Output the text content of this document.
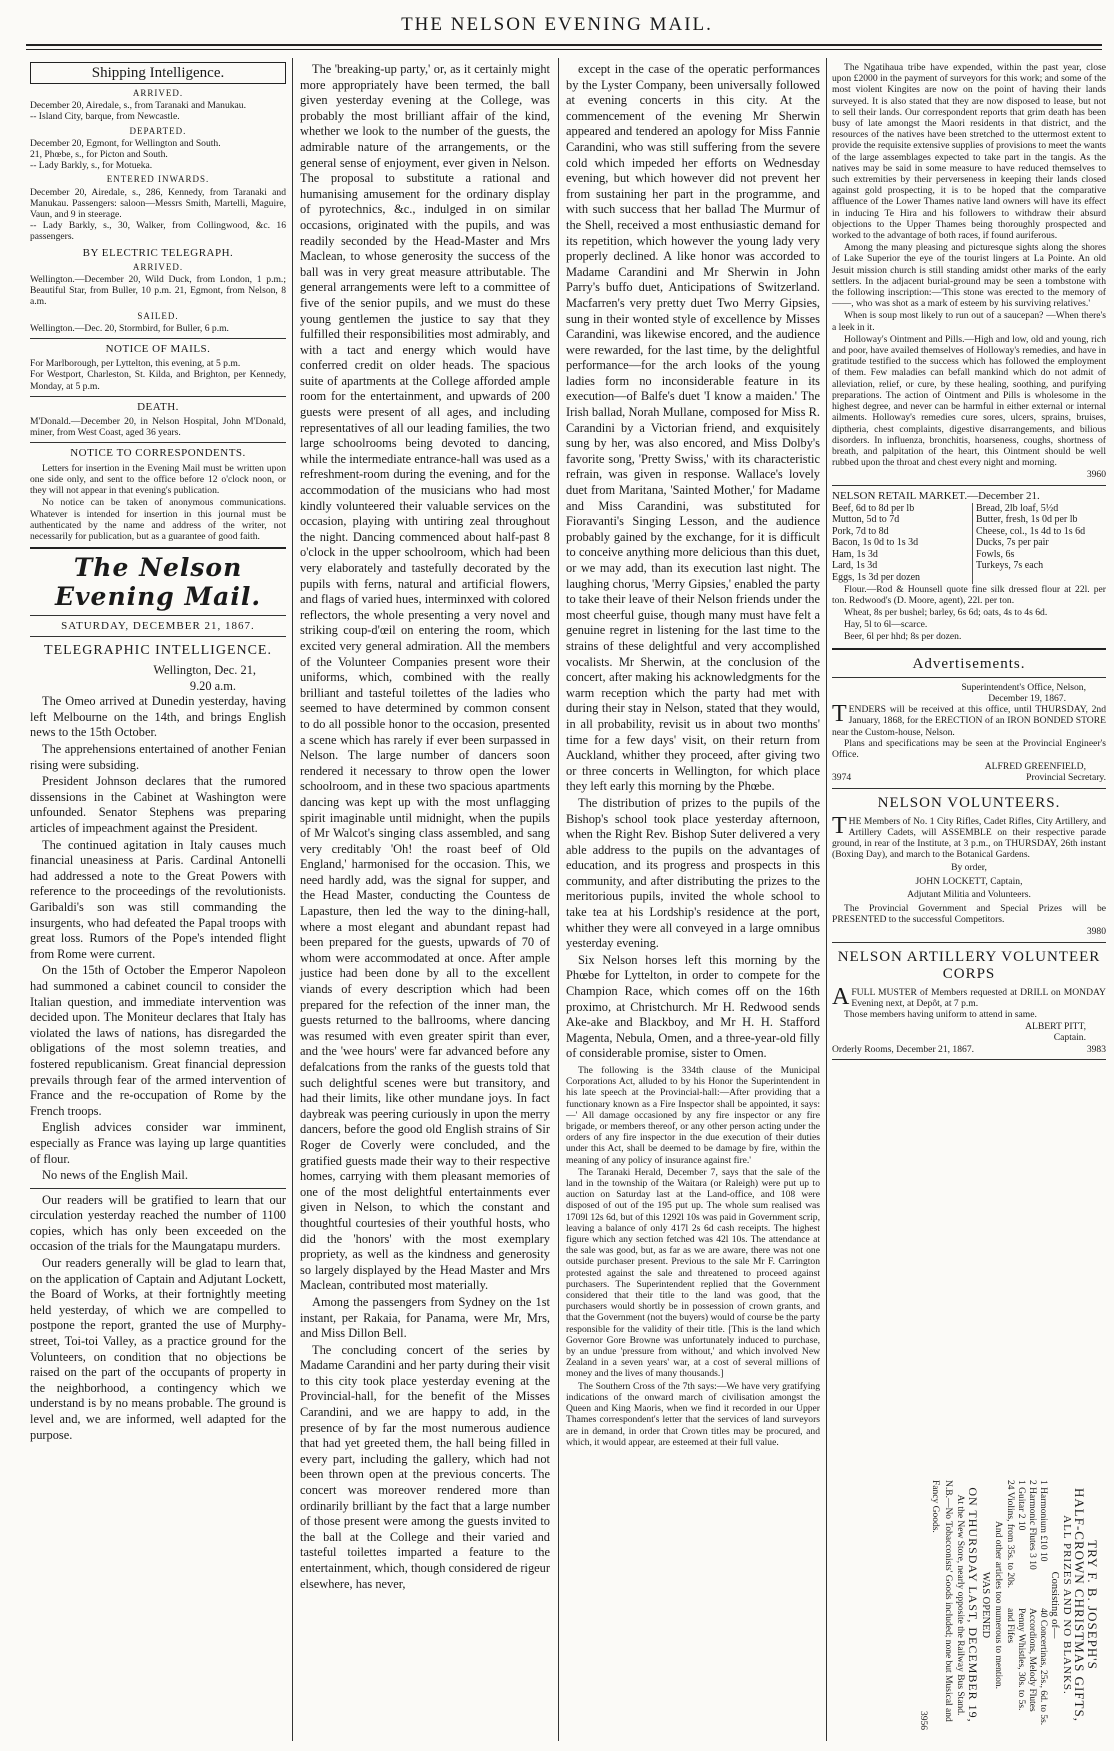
THE NELSON EVENING MAIL.
Shipping Intelligence.
ARRIVED.
December 20, Airedale, s., from Taranaki and Manukau.
-- Island City, barque, from Newcastle.
DEPARTED.
December 20, Egmont, for Wellington and South.
21, Phœbe, s., for Picton and South.
-- Lady Barkly, s., for Motueka.
ENTERED INWARDS.
December 20, Airedale, s., 286, Kennedy, from Taranaki and Manukau. Passengers: saloon—Messrs Smith, Martelli, Maguire, Vaun, and 9 in steerage.
-- Lady Barkly, s., 30, Walker, from Collingwood, &c. 16 passengers.
BY ELECTRIC TELEGRAPH.
ARRIVED.
Wellington.—December 20, Wild Duck, from London, 1 p.m.; Beautiful Star, from Buller, 10 p.m. 21, Egmont, from Nelson, 8 a.m.
SAILED.
Wellington.—Dec. 20, Stormbird, for Buller, 6 p.m.
NOTICE OF MAILS.
For Marlborough, per Lyttelton, this evening, at 5 p.m.
For Westport, Charleston, St. Kilda, and Brighton, per Kennedy, Monday, at 5 p.m.
DEATH.
M'Donald.—December 20, in Nelson Hospital, John M'Donald, miner, from West Coast, aged 36 years.
NOTICE TO CORRESPONDENTS.
Letters for insertion in the Evening Mail must be written upon one side only, and sent to the office before 12 o'clock noon, or they will not appear in that evening's publication.
No notice can be taken of anonymous communications. Whatever is intended for insertion in this journal must be authenticated by the name and address of the writer, not necessarily for publication, but as a guarantee of good faith.
The Nelson Evening Mail.
SATURDAY, DECEMBER 21, 1867.
TELEGRAPHIC INTELLIGENCE.
Wellington, Dec. 21,
9.20 a.m.
The Omeo arrived at Dunedin yesterday, having left Melbourne on the 14th, and brings English news to the 15th October.
The apprehensions entertained of another Fenian rising were subsiding.
President Johnson declares that the rumored dissensions in the Cabinet at Washington were unfounded. Senator Stephens was preparing articles of impeachment against the President.
The continued agitation in Italy causes much financial uneasiness at Paris. Cardinal Antonelli had addressed a note to the Great Powers with reference to the proceedings of the revolutionists. Garibaldi's son was still commanding the insurgents, who had defeated the Papal troops with great loss. Rumors of the Pope's intended flight from Rome were current.
On the 15th of October the Emperor Napoleon had summoned a cabinet council to consider the Italian question, and immediate intervention was decided upon. The Moniteur declares that Italy has violated the laws of nations, has disregarded the obligations of the most solemn treaties, and fostered republicanism. Great financial depression prevails through fear of the armed intervention of France and the re-occupation of Rome by the French troops.
English advices consider war imminent, especially as France was laying up large quantities of flour.
No news of the English Mail.
Our readers will be gratified to learn that our circulation yesterday reached the number of 1100 copies, which has only been exceeded on the occasion of the trials for the Maungatapu murders.
Our readers generally will be glad to learn that, on the application of Captain and Adjutant Lockett, the Board of Works, at their fortnightly meeting held yesterday, of which we are compelled to postpone the report, granted the use of Murphy-street, Toi-toi Valley, as a practice ground for the Volunteers, on condition that no objections be raised on the part of the occupants of property in the neighborhood, a contingency which we understand is by no means probable. The ground is level and, we are informed, well adapted for the purpose.
The 'breaking-up party,' or, as it certainly might more appropriately have been termed, the ball given yesterday evening at the College, was probably the most brilliant affair of the kind, whether we look to the number of the guests, the admirable nature of the arrangements, or the general sense of enjoyment, ever given in Nelson. The proposal to substitute a rational and humanising amusement for the ordinary display of pyrotechnics, &c., indulged in on similar occasions, originated with the pupils, and was readily seconded by the Head-Master and Mrs Maclean, to whose generosity the success of the ball was in very great measure attributable. The general arrangements were left to a committee of five of the senior pupils, and we must do these young gentlemen the justice to say that they fulfilled their responsibilities most admirably, and with a tact and energy which would have conferred credit on older heads. The spacious suite of apartments at the College afforded ample room for the entertainment, and upwards of 200 guests were present of all ages, and including representatives of all our leading families, the two large schoolrooms being devoted to dancing, while the intermediate entrance-hall was used as a refreshment-room during the evening, and for the accommodation of the musicians who had most kindly volunteered their valuable services on the occasion, playing with untiring zeal throughout the night. Dancing commenced about half-past 8 o'clock in the upper schoolroom, which had been very elaborately and tastefully decorated by the pupils with ferns, natural and artificial flowers, and flags of varied hues, interminxed with colored reflectors, the whole presenting a very novel and striking coup-d'œil on entering the room, which excited very general admiration. All the members of the Volunteer Companies present wore their uniforms, which, combined with the really brilliant and tasteful toilettes of the ladies who seemed to have determined by common consent to do all possible honor to the occasion, presented a scene which has rarely if ever been surpassed in Nelson. The large number of dancers soon rendered it necessary to throw open the lower schoolroom, and in these two spacious apartments dancing was kept up with the most unflagging spirit imaginable until midnight, when the pupils of Mr Walcot's singing class assembled, and sang very creditably 'Oh! the roast beef of Old England,' harmonised for the occasion. This, we need hardly add, was the signal for supper, and the Head Master, conducting the Countess de Lapasture, then led the way to the dining-hall, where a most elegant and abundant repast had been prepared for the guests, upwards of 70 of whom were accommodated at once. After ample justice had been done by all to the excellent viands of every description which had been prepared for the refection of the inner man, the guests returned to the ballrooms, where dancing was resumed with even greater spirit than ever, and the 'wee hours' were far advanced before any defalcations from the ranks of the guests told that such delightful scenes were but transitory, and had their limits, like other mundane joys. In fact daybreak was peering curiously in upon the merry dancers, before the good old English strains of Sir Roger de Coverly were concluded, and the gratified guests made their way to their respective homes, carrying with them pleasant memories of one of the most delightful entertainments ever given in Nelson, to which the constant and thoughtful courtesies of their youthful hosts, who did the 'honors' with the most exemplary propriety, as well as the kindness and generosity so largely displayed by the Head Master and Mrs Maclean, contributed most materially.
Among the passengers from Sydney on the 1st instant, per Rakaia, for Panama, were Mr, Mrs, and Miss Dillon Bell.
The concluding concert of the series by Madame Carandini and her party during their visit to this city took place yesterday evening at the Provincial-hall, for the benefit of the Misses Carandini, and we are happy to add, in the presence of by far the most numerous audience that had yet greeted them, the hall being filled in every part, including the gallery, which had not been thrown open at the previous concerts. The concert was moreover rendered more than ordinarily brilliant by the fact that a large number of those present were among the guests invited to the ball at the College and their varied and tasteful toilettes imparted a feature to the entertainment, which, though considered de rigeur elsewhere, has never,
except in the case of the operatic performances by the Lyster Company, been universally followed at evening concerts in this city. At the commencement of the evening Mr Sherwin appeared and tendered an apology for Miss Fannie Carandini, who was still suffering from the severe cold which impeded her efforts on Wednesday evening, but which however did not prevent her from sustaining her part in the programme, and with such success that her ballad The Murmur of the Shell, received a most enthusiastic demand for its repetition, which however the young lady very properly declined. A like honor was accorded to Madame Carandini and Mr Sherwin in John Parry's buffo duet, Anticipations of Switzerland. Macfarren's very pretty duet Two Merry Gipsies, sung in their wonted style of excellence by Misses Carandini, was likewise encored, and the audience were rewarded, for the last time, by the delightful performance—for the arch looks of the young ladies form no inconsiderable feature in its execution—of Balfe's duet 'I know a maiden.' The Irish ballad, Norah Mullane, composed for Miss R. Carandini by a Victorian friend, and exquisitely sung by her, was also encored, and Miss Dolby's favorite song, 'Pretty Swiss,' with its characteristic refrain, was given in response. Wallace's lovely duet from Maritana, 'Sainted Mother,' for Madame and Miss Carandini, was substituted for Fioravanti's Singing Lesson, and the audience probably gained by the exchange, for it is difficult to conceive anything more delicious than this duet, or we may add, than its execution last night. The laughing chorus, 'Merry Gipsies,' enabled the party to take their leave of their Nelson friends under the most cheerful guise, though many must have felt a genuine regret in listening for the last time to the strains of these delightful and very accomplished vocalists. Mr Sherwin, at the conclusion of the concert, after making his acknowledgments for the warm reception which the party had met with during their stay in Nelson, stated that they would, in all probability, revisit us in about two months' time for a few days' visit, on their return from Auckland, whither they proceed, after giving two or three concerts in Wellington, for which place they left early this morning by the Phœbe.
The distribution of prizes to the pupils of the Bishop's school took place yesterday afternoon, when the Right Rev. Bishop Suter delivered a very able address to the pupils on the advantages of education, and its progress and prospects in this community, and after distributing the prizes to the meritorious pupils, invited the whole school to take tea at his Lordship's residence at the port, whither they were all conveyed in a large omnibus yesterday evening.
Six Nelson horses left this morning by the Phœbe for Lyttelton, in order to compete for the Champion Race, which comes off on the 16th proximo, at Christchurch. Mr H. Redwood sends Ake-ake and Blackboy, and Mr H. H. Stafford Magenta, Nebula, Omen, and a three-year-old filly of considerable promise, sister to Omen.
The following is the 334th clause of the Municipal Corporations Act, alluded to by his Honor the Superintendent in his late speech at the Provincial-hall:—After providing that a functionary known as a Fire Inspector shall be appointed, it says:—' All damage occasioned by any fire inspector or any fire brigade, or members thereof, or any other person acting under the orders of any fire inspector in the due execution of their duties under this Act, shall be deemed to be damage by fire, within the meaning of any policy of insurance against fire.'
The Taranaki Herald, December 7, says that the sale of the land in the township of the Waitara (or Raleigh) were put up to auction on Saturday last at the Land-office, and 108 were disposed of out of the 195 put up. The whole sum realised was 1709l 12s 6d, but of this 1292l 10s was paid in Government scrip, leaving a balance of only 417l 2s 6d cash receipts. The highest figure which any section fetched was 42l 10s. The attendance at the sale was good, but, as far as we are aware, there was not one outside purchaser present. Previous to the sale Mr F. Carrington protested against the sale and threatened to proceed against purchasers. The Superintendent replied that the Government considered that their title to the land was good, that the purchasers would shortly be in possession of crown grants, and that the Government (not the buyers) would of course be the party responsible for the validity of their title. [This is the land which Governor Gore Browne was unfortunately induced to purchase, by an undue 'pressure from without,' and which involved New Zealand in a seven years' war, at a cost of several millions of money and the lives of many thousands.]
The Southern Cross of the 7th says:—We have very gratifying indications of the onward march of civilisation amongst the Queen and King Maoris, when we find it recorded in our Upper Thames correspondent's letter that the services of land surveyors are in demand, in order that Crown titles may be procured, and which, it would appear, are esteemed at their full value.
The Ngatihaua tribe have expended, within the past year, close upon £2000 in the payment of surveyors for this work; and some of the most violent Kingites are now on the point of having their lands surveyed. It is also stated that they are now disposed to lease, but not to sell their lands. Our correspondent reports that grim death has been busy of late amongst the Maori residents in that district, and the resources of the natives have been stretched to the uttermost extent to provide the requisite extensive supplies of provisions to meet the wants of the large assemblages expected to take part in the tangis. As the natives may be said in some measure to have reduced themselves to such extremities by their perverseness in keeping their lands closed against gold prospecting, it is to be hoped that the comparative affluence of the Lower Thames native land owners will have its effect in inducing Te Hira and his followers to withdraw their absurd objections to the Upper Thames being thoroughly prospected and worked to the advantage of both races, if found auriferous.
Among the many pleasing and picturesque sights along the shores of Lake Superior the eye of the tourist lingers at La Pointe. An old Jesuit mission church is still standing amidst other marks of the early settlers. In the adjacent burial-ground may be seen a tombstone with the following inscription:—'This stone was erected to the memory of ——, who was shot as a mark of esteem by his surviving relatives.'
When is soup most likely to run out of a saucepan? —When there's a leek in it.
Holloway's Ointment and Pills.—High and low, old and young, rich and poor, have availed themselves of Holloway's remedies, and have in gratitude testified to the success which has followed the employment of them. Few maladies can befall mankind which do not admit of alleviation, relief, or cure, by these healing, soothing, and purifying preparations. The action of Ointment and Pills is wholesome in the highest degree, and never can be harmful in either external or internal ailments. Holloway's remedies cure sores, ulcers, sprains, bruises, diptheria, chest complaints, digestive disarrangements, and bilious disorders. In influenza, bronchitis, hoarseness, coughs, shortness of breath, and palpitation of the heart, this Ointment should be well rubbed upon the throat and chest every night and morning.
3960
NELSON RETAIL MARKET.—December 21.
Beef, 6d to 8d per lb
Mutton, 5d to 7d
Pork, 7d to 8d
Bacon, 1s 0d to 1s 3d
Ham, 1s 3d
Lard, 1s 3d
Eggs, 1s 3d per dozen
Bread, 2lb loaf, 5½d
Butter, fresh, 1s 0d per lb
Cheese, col., 1s 4d to 1s 6d
Ducks, 7s per pair
Fowls, 6s
Turkeys, 7s each
Flour.—Rod & Hounsell quote fine silk dressed flour at 22l. per ton. Redwood's (D. Moore, agent), 22l. per ton.
Wheat, 8s per bushel; barley, 6s 6d; oats, 4s to 4s 6d.
Hay, 5l to 6l—scarce.
Beer, 6l per hhd; 8s per dozen.
Advertisements.
Superintendent's Office, Nelson,
December 19, 1867.
TENDERS will be received at this office, until THURSDAY, 2nd January, 1868, for the ERECTION of an IRON BONDED STORE near the Custom-house, Nelson.
Plans and specifications may be seen at the Provincial Engineer's Office.
ALFRED GREENFIELD,
3974	Provincial Secretary.
NELSON VOLUNTEERS.
THE Members of No. 1 City Rifles, Cadet Rifles, City Artillery, and Artillery Cadets, will ASSEMBLE on their respective parade ground, in rear of the Institute, at 3 p.m., on THURSDAY, 26th instant (Boxing Day), and march to the Botanical Gardens.
By order,
JOHN LOCKETT, Captain,
Adjutant Militia and Volunteers.
The Provincial Government and Special Prizes will be PRESENTED to the successful Competitors.
3980
NELSON ARTILLERY VOLUNTEER CORPS
AFULL MUSTER of Members requested at DRILL on MONDAY Evening next, at Depôt, at 7 p.m.
Those members having uniform to attend in same.
ALBERT PITT,
Captain.
Orderly Rooms, December 21, 1867.	3983
TRY F. B. JOSEPH'S
HALF-CROWN CHRISTMAS GIFTS,
ALL PRIZES AND NO BLANKS.
Consisting of—
1 Harmonium £10 10
2 Harmonic Flutes 3 10
1 Guitar 2 10
24 Violins, from 35s. to 20s.
40 Concertinas, 25s., 6d. to 5s.
Accordions, Melody Flutes
Penny Whistles, 30s. to 5s.
and Fifes
And other articles too numerous to mention.
WAS OPENED
ON THURSDAY LAST, DECEMBER 19,
At the New Store, nearly opposite the Railway Bus Stand.
N.B.—No Tobacconists' Goods included; none but Musical and Fancy Goods.
3956
